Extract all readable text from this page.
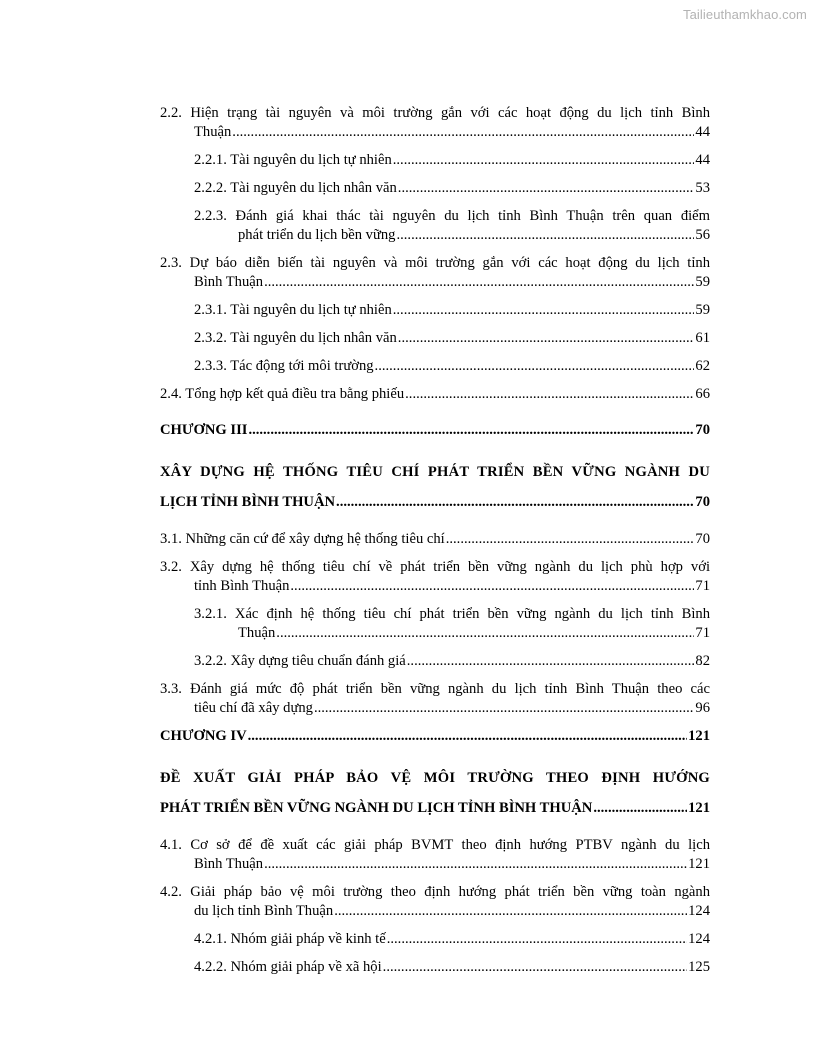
Tailieuthamkhao.com
2.2. Hiện trạng tài nguyên và môi trường gắn với các hoạt động du lịch tỉnh Bình
Thuận .....	44
2.2.1. Tài nguyên du lịch tự nhiên .....	44
2.2.2. Tài nguyên du lịch nhân văn .....	53
2.2.3. Đánh giá khai thác tài nguyên du lịch tỉnh Bình Thuận trên quan điểm
phát triển du lịch bền vững .....	56
2.3. Dự báo diễn biến tài nguyên và môi trường gắn với các hoạt động du lịch tỉnh
Bình Thuận .....	59
2.3.1. Tài nguyên du lịch tự nhiên .....	59
2.3.2. Tài nguyên du lịch nhân văn .....	61
2.3.3. Tác động tới môi trường .....	62
2.4. Tổng hợp kết quả điều tra bằng phiếu .....	66
CHƯƠNG III .....	70
XÂY DỰNG HỆ THỐNG TIÊU CHÍ PHÁT TRIỂN BỀN VỮNG NGÀNH DU
LỊCH TỈNH BÌNH THUẬN .....	70
3.1. Những căn cứ để xây dựng hệ thống tiêu chí .....	70
3.2. Xây dựng hệ thống tiêu chí về phát triển bền vững ngành du lịch phù hợp với
tỉnh Bình Thuận .....	71
3.2.1. Xác định hệ thống tiêu chí phát triển bền vững ngành du lịch tỉnh Bình
Thuận .....	71
3.2.2. Xây dựng tiêu chuẩn đánh giá .....	82
3.3. Đánh giá mức độ phát triển bền vững ngành du lịch tỉnh Bình Thuận theo các
tiêu chí đã xây dựng .....	96
CHƯƠNG IV .....	121
ĐỀ XUẤT GIẢI PHÁP BẢO VỆ MÔI TRƯỜNG THEO ĐỊNH HƯỚNG
PHÁT TRIỂN BỀN VỮNG NGÀNH DU LỊCH TỈNH BÌNH THUẬN .....	121
4.1. Cơ sở để đề xuất các giải pháp BVMT theo định hướng PTBV ngành du lịch
Bình Thuận .....	121
4.2. Giải pháp bảo vệ môi trường theo định hướng phát triển bền vững toàn ngành
du lịch tỉnh Bình Thuận .....	124
4.2.1. Nhóm giải pháp về kinh tế .....	124
4.2.2. Nhóm giải pháp về xã hội .....	125
